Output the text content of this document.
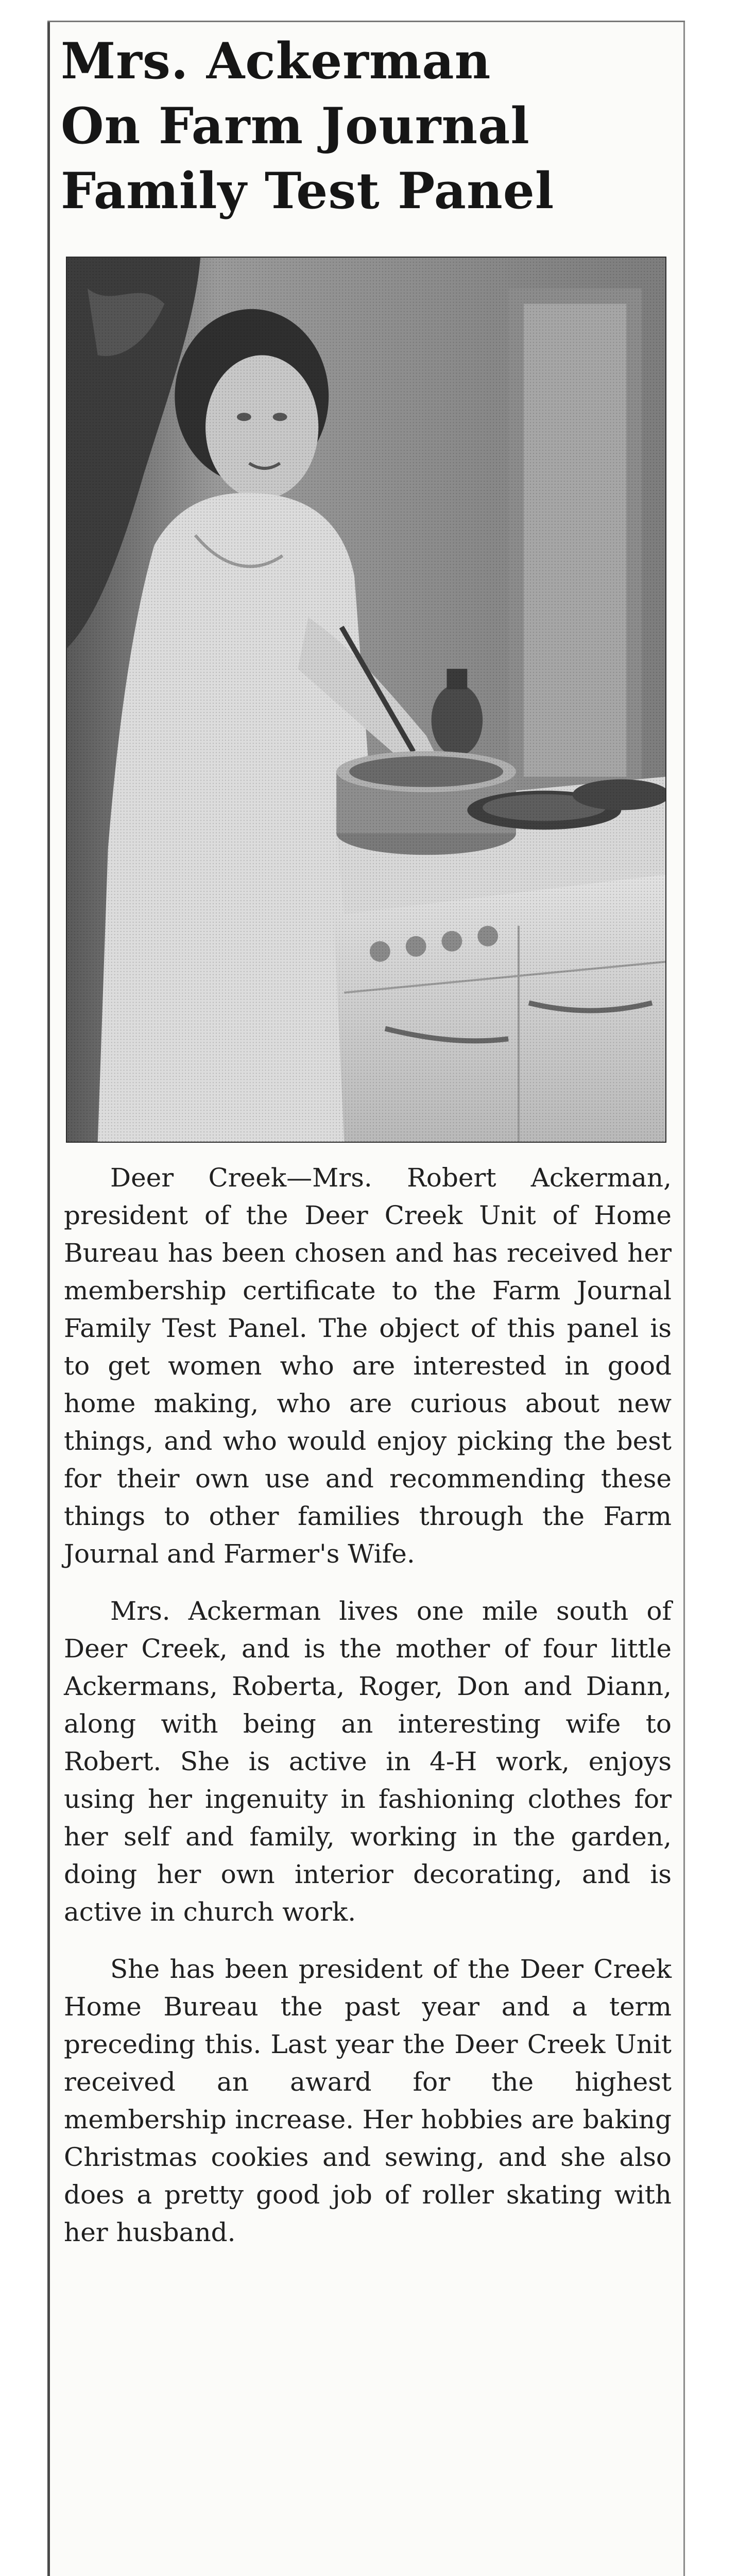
Mrs. Ackerman
On Farm Journal
Family Test Panel

Deer Creek—Mrs. Robert Ackerman, president of the Deer Creek Unit of Home Bureau has been chosen and has received her membership certificate to the Farm Journal Family Test Panel. The object of this panel is to get women who are interested in good home making, who are curious about new things, and who would enjoy picking the best for their own use and recommending these things to other families through the Farm Journal and Farmer's Wife.

Mrs. Ackerman lives one mile south of Deer Creek, and is the mother of four little Ackermans, Roberta, Roger, Don and Diann, along with being an interesting wife to Robert. She is active in 4-H work, enjoys using her ingenuity in fashioning clothes for her self and family, working in the garden, doing her own interior decorating, and is active in church work.

She has been president of the Deer Creek Home Bureau the past year and a term preceding this. Last year the Deer Creek Unit received an award for the highest membership increase. Her hobbies are baking Christmas cookies and sewing, and she also does a pretty good job of roller skating with her husband.
